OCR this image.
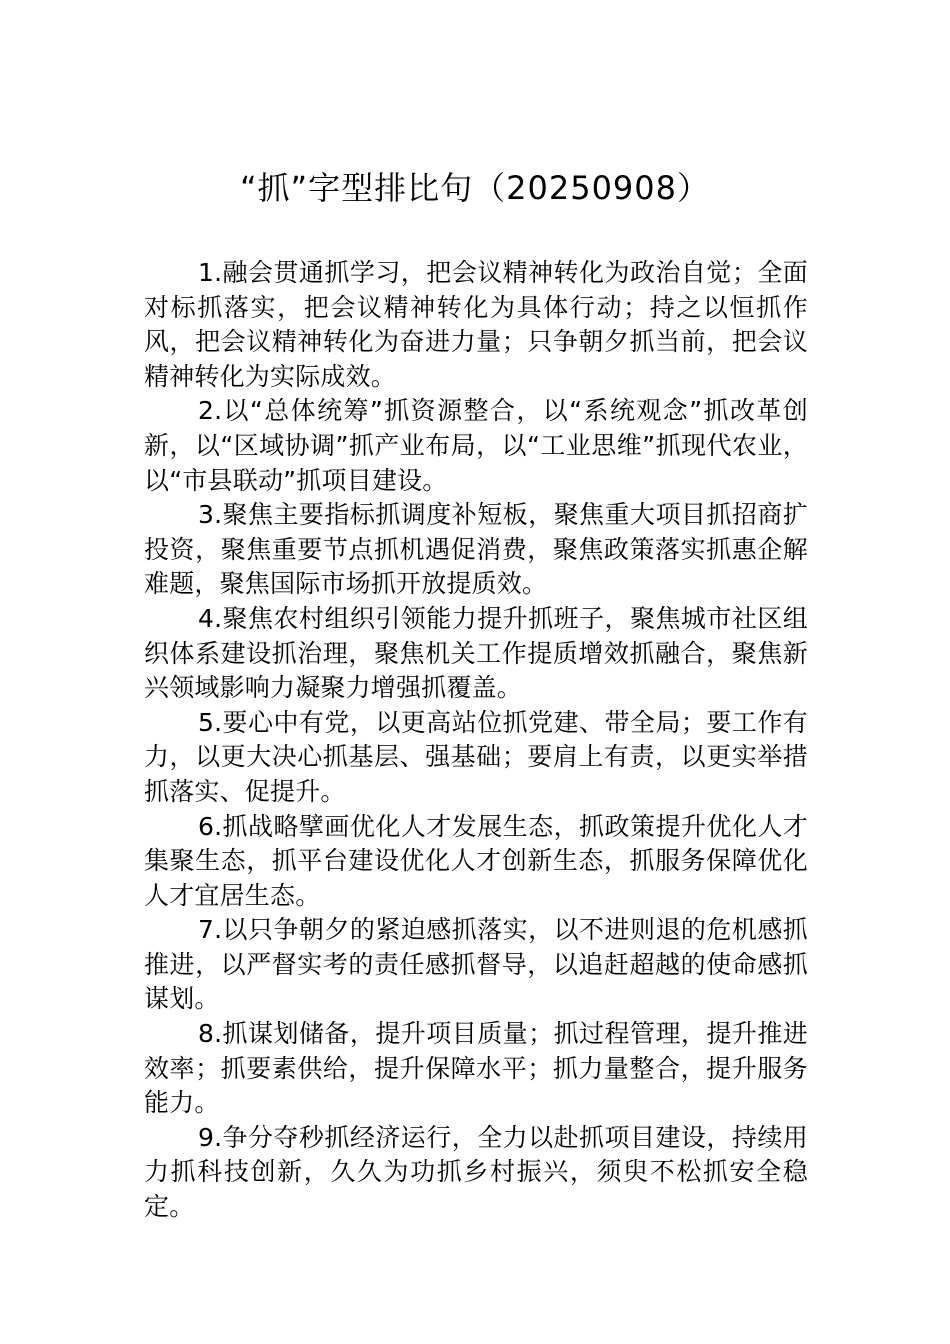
“抓”字型排比句（20250908）

1.融会贯通抓学习，把会议精神转化为政治自觉；全面对标抓落实，把会议精神转化为具体行动；持之以恒抓作风，把会议精神转化为奋进力量；只争朝夕抓当前，把会议精神转化为实际成效。

2.以“总体统筹”抓资源整合，以“系统观念”抓改革创新，以“区域协调”抓产业布局，以“工业思维”抓现代农业，以“市县联动”抓项目建设。

3.聚焦主要指标抓调度补短板，聚焦重大项目抓招商扩投资，聚焦重要节点抓机遇促消费，聚焦政策落实抓惠企解难题，聚焦国际市场抓开放提质效。

4.聚焦农村组织引领能力提升抓班子，聚焦城市社区组织体系建设抓治理，聚焦机关工作提质增效抓融合，聚焦新兴领域影响力凝聚力增强抓覆盖。

5.要心中有党，以更高站位抓党建、带全局；要工作有力，以更大决心抓基层、强基础；要肩上有责，以更实举措抓落实、促提升。

6.抓战略擘画优化人才发展生态，抓政策提升优化人才集聚生态，抓平台建设优化人才创新生态，抓服务保障优化人才宜居生态。

7.以只争朝夕的紧迫感抓落实，以不进则退的危机感抓推进，以严督实考的责任感抓督导，以追赶超越的使命感抓谋划。

8.抓谋划储备，提升项目质量；抓过程管理，提升推进效率；抓要素供给，提升保障水平；抓力量整合，提升服务能力。

9.争分夺秒抓经济运行，全力以赴抓项目建设，持续用力抓科技创新，久久为功抓乡村振兴，须臾不松抓安全稳定。
